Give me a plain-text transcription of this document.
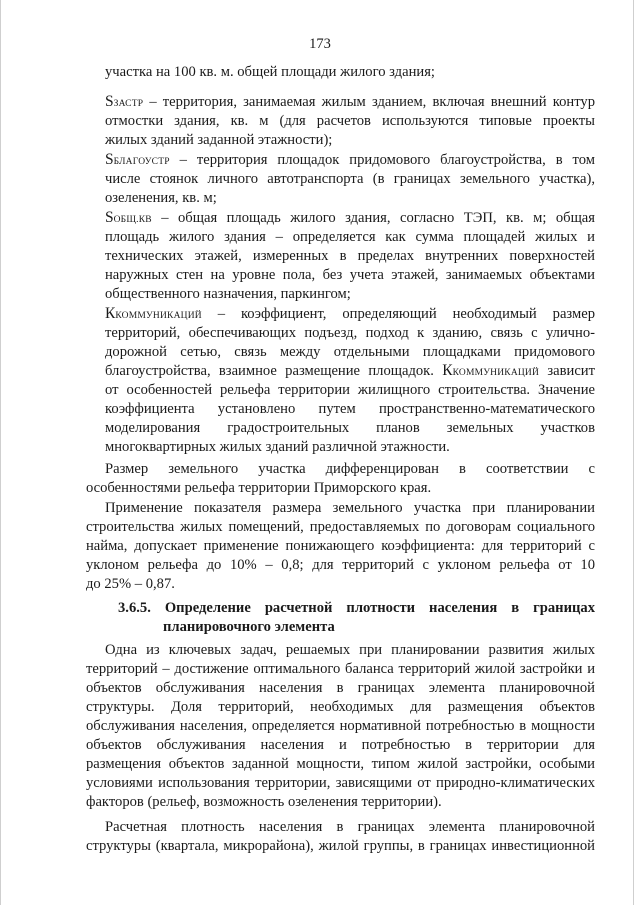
173
участка на 100 кв. м. общей площади жилого здания;
SЗАСТР – территория, занимаемая жилым зданием, включая внешний контур
отмостки здания, кв. м (для расчетов используются типовые проекты
жилых зданий заданной этажности);
SБЛАГОУСТР – территория площадок придомового благоустройства, в том
числе стоянок личного автотранспорта (в границах земельного участка),
озеленения, кв. м;
SОБЩ.КВ – общая площадь жилого здания, согласно ТЭП, кв. м; общая
площадь жилого здания – определяется как сумма площадей жилых и
технических этажей, измеренных в пределах внутренних поверхностей
наружных стен на уровне пола, без учета этажей, занимаемых объектами
общественного назначения, паркингом;
ККОММУНИКАЦИЙ – коэффициент, определяющий необходимый размер
территорий, обеспечивающих подъезд, подход к зданию, связь с улично-
дорожной сетью, связь между отдельными площадками придомового
благоустройства, взаимное размещение площадок. ККОММУНИКАЦИЙ зависит
от особенностей рельефа территории жилищного строительства. Значение
коэффициента установлено путем пространственно-математического
моделирования градостроительных планов земельных участков
многоквартирных жилых зданий различной этажности.
Размер земельного участка дифференцирован в соответствии с
особенностями рельефа территории Приморского края.
Применение показателя размера земельного участка при планировании
строительства жилых помещений, предоставляемых по договорам социального
найма, допускает применение понижающего коэффициента: для территорий с
уклоном рельефа до 10% – 0,8; для территорий с уклоном рельефа от 10
до 25% – 0,87.
3.6.5. Определение расчетной плотности населения в границах
планировочного элемента
Одна из ключевых задач, решаемых при планировании развития жилых
территорий – достижение оптимального баланса территорий жилой застройки и
объектов обслуживания населения в границах элемента планировочной
структуры. Доля территорий, необходимых для размещения объектов
обслуживания населения, определяется нормативной потребностью в мощности
объектов обслуживания населения и потребностью в территории для
размещения объектов заданной мощности, типом жилой застройки, особыми
условиями использования территории, зависящими от природно-климатических
факторов (рельеф, возможность озеленения территории).
Расчетная плотность населения в границах элемента планировочной
структуры (квартала, микрорайона), жилой группы, в границах инвестиционной
